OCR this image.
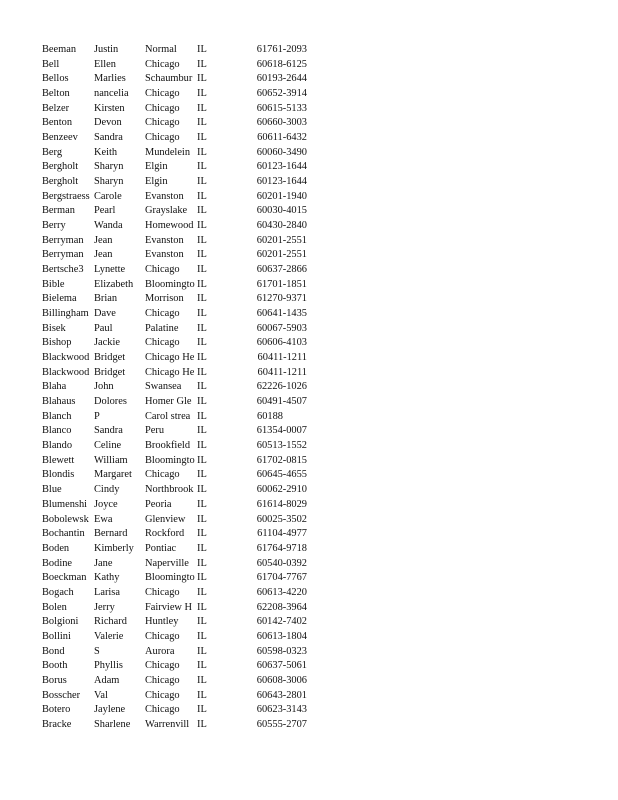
Beeman	Justin	Normal	IL	61761-2093
Bell	Ellen	Chicago	IL	60618-6125
Bellos	Marlies	Schaumbur IL	60193-2644
Belton	nancelia	Chicago	IL	60652-3914
Belzer	Kirsten	Chicago	IL	60615-5133
Benton	Devon	Chicago	IL	60660-3003
Benzeev	Sandra	Chicago	IL	60611-6432
Berg	Keith	Mundelein IL	60060-3490
Bergholt	Sharyn	Elgin	IL	60123-1644
Bergholt	Sharyn	Elgin	IL	60123-1644
Bergstraess Carole	Evanston	IL	60201-1940
Berman	Pearl	Grayslake IL	60030-4015
Berry	Wanda	Homewood IL	60430-2840
Berryman	Jean	Evanston	IL	60201-2551
Berryman	Jean	Evanston	IL	60201-2551
Bertsche3	Lynette	Chicago	IL	60637-2866
Bible	Elizabeth	Bloomingto IL	61701-1851
Bielema	Brian	Morrison	IL	61270-9371
Billingham Dave	Chicago	IL	60641-1435
Bisek	Paul	Palatine	IL	60067-5903
Bishop	Jackie	Chicago	IL	60606-4103
Blackwood Bridget	Chicago He IL	60411-1211
Blackwood Bridget	Chicago He IL	60411-1211
Blaha	John	Swansea	IL	62226-1026
Blahaus	Dolores	Homer Gle IL	60491-4507
Blanch	P	Carol strea IL	60188
Blanco	Sandra	Peru	IL	61354-0007
Blando	Celine	Brookfield IL	60513-1552
Blewett	William	Bloomingto IL	61702-0815
Blondis	Margaret	Chicago	IL	60645-4655
Blue	Cindy	Northbrook IL	60062-2910
Blumenshi Joyce	Peoria	IL	61614-8029
Bobolewsk Ewa	Glenview	IL	60025-3502
Bochantin Bernard	Rockford	IL	61104-4977
Boden	Kimberly	Pontiac	IL	61764-9718
Bodine	Jane	Naperville IL	60540-0392
Boeckman Kathy	Bloomingto IL	61704-7767
Bogach	Larisa	Chicago	IL	60613-4220
Bolen	Jerry	Fairview H IL	62208-3964
Bolgioni	Richard	Huntley	IL	60142-7402
Bollini	Valerie	Chicago	IL	60613-1804
Bond	S	Aurora	IL	60598-0323
Booth	Phyllis	Chicago	IL	60637-5061
Borus	Adam	Chicago	IL	60608-3006
Bosscher	Val	Chicago	IL	60643-2801
Botero	Jaylene	Chicago	IL	60623-3143
Bracke	Sharlene	Warrenvill IL	60555-2707
